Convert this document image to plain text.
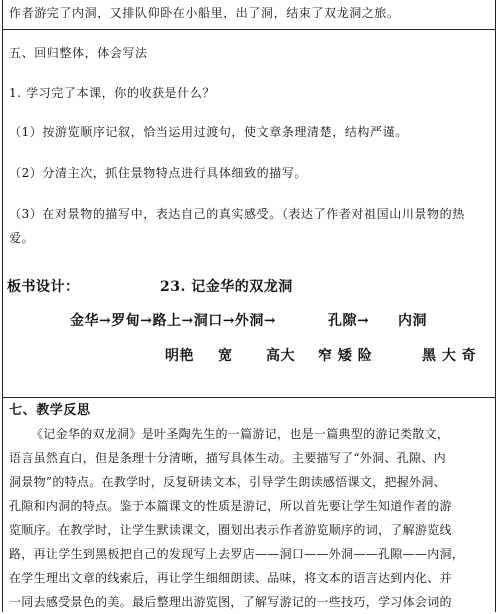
作者游完了内洞，又排队仰卧在小船里，出了洞，结束了双龙洞之旅。
五、回归整体，体会写法
1. 学习完了本课，你的收获是什么？
（1）按游览顺序记叙，恰当运用过渡句，使文章条理清楚，结构严谨。
（2）分清主次，抓住景物特点进行具体细致的描写。
（3）在对景物的描写中，表达自己的真实感受。（表达了作者对祖国山川景物的热
爱。
板书设计：	23. 记金华的双龙洞
金华→罗甸→路上→洞口→外洞→	孔隙→ 内洞
明艳 宽 高大 窄 矮 险	黑 大 奇
七、教学反思
《记金华的双龙洞》是叶圣陶先生的一篇游记，也是一篇典型的游记类散文，
语言虽然直白，但是条理十分清晰，描写具体生动。主要描写了“外洞、孔隙、内
洞景物”的特点。在教学时，反复研读文本，引导学生朗读感悟课文，把握外洞、
孔隙和内洞的特点。鉴于本篇课文的性质是游记，所以首先要让学生知道作者的游
览顺序。在教学时，让学生默读课文，圈划出表示作者游览顺序的词，了解游览线
路，再让学生到黑板把自己的发现写上去罗店——洞口——外洞——孔隙——内洞，
在学生理出文章的线索后，再让学生细细朗读、品味，将文本的语言达到内化、并
一同去感受景色的美。最后整理出游览图，了解写游记的一些技巧，学习体会词的
